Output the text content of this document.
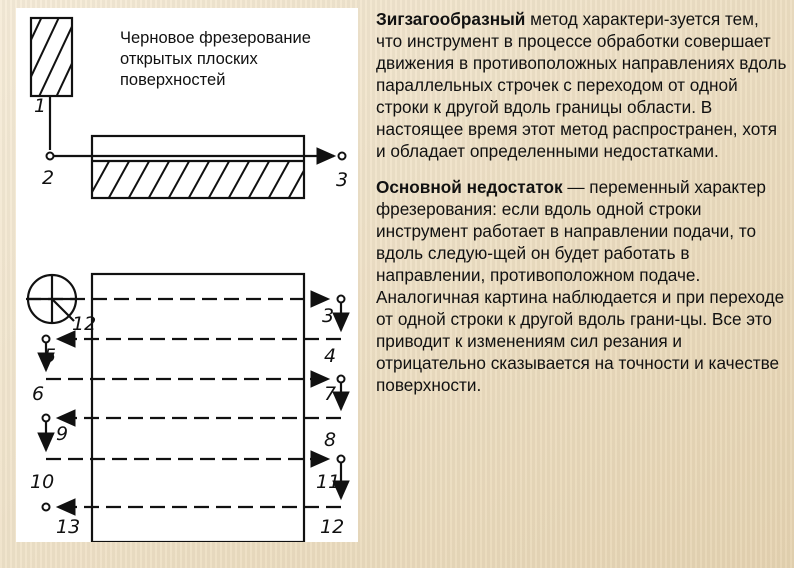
1
2	3
12	3
5	4
6	7
9	8
10	11
13	12
Черновое фрезерование открытых плоских поверхностей

Зигзагообразный метод характери-зуется тем, что инструмент в процессе обработки совершает движения в противоположных направлениях вдоль параллельных строчек с переходом от одной строки к другой вдоль границы области. В настоящее время этот метод распространен, хотя и обладает определенными недостатками.

Основной недостаток — переменный характер фрезерования: если вдоль одной строки инструмент работает в направлении подачи, то вдоль следую-щей он будет работать в направлении, противоположном подаче. Аналогичная картина наблюдается и при переходе от одной строки к другой вдоль грани-цы. Все это приводит к изменениям сил резания и отрицательно сказывается на точности и качестве поверхности.
